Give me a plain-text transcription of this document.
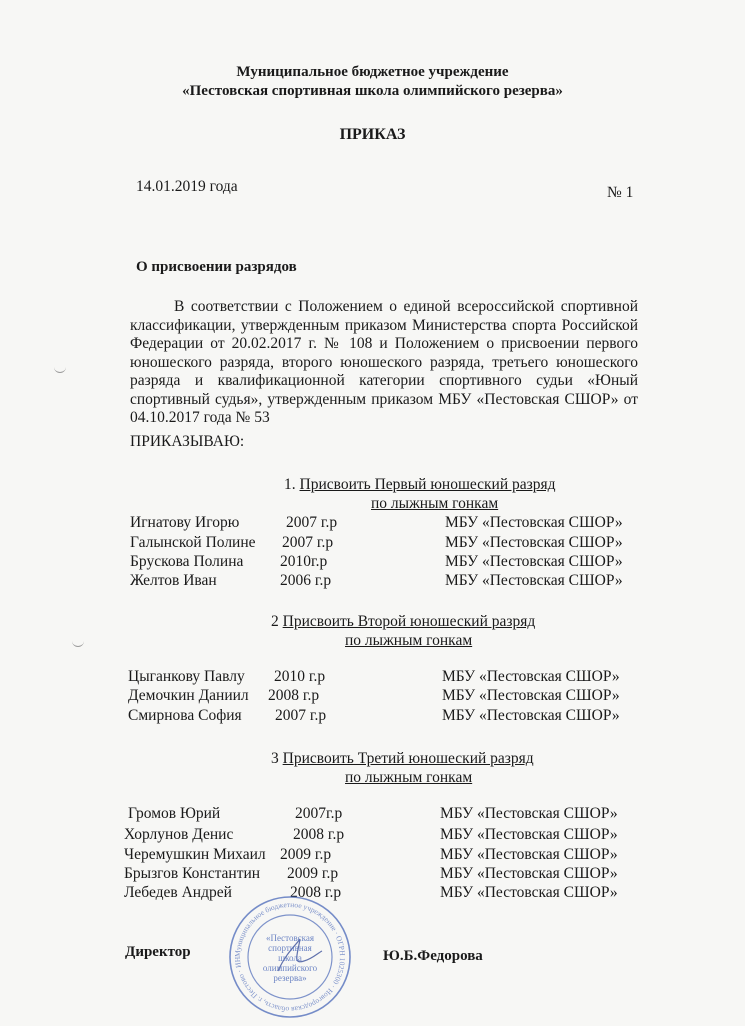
Муниципальное бюджетное учреждение
«Пестовская спортивная школа олимпийского резерва»
ПРИКАЗ
14.01.2019 года	№ 1
О присвоении разрядов
В соответствии с Положением о единой всероссийской спортивной
классификации, утвержденным приказом Министерства спорта Российской
Федерации от 20.02.2017 г. № 108 и Положением о присвоении первого
юношеского разряда, второго юношеского разряда, третьего юношеского
разряда и квалификационной категории спортивного судьи «Юный
спортивный судья», утвержденным приказом МБУ «Пестовская СШОР» от
04.10.2017 года № 53
ПРИКАЗЫВАЮ:
1. Присвоить Первый юношеский разряд
по лыжным гонкам
Игнатову Игорю	2007 г.р	МБУ «Пестовская СШОР»
Галынской Полине 2007 г.р	МБУ «Пестовская СШОР»
Брускова Полина 2010г.р	МБУ «Пестовская СШОР»
Желтов Иван	2006 г.р	МБУ «Пестовская СШОР»
2 Присвоить Второй юношеский разряд
по лыжным гонкам
Цыганкову Павлу 2010 г.р	МБУ «Пестовская СШОР»
Демочкин Даниил 2008 г.р	МБУ «Пестовская СШОР»
Смирнова София 2007 г.р	МБУ «Пестовская СШОР»
3 Присвоить Третий юношеский разряд
по лыжным гонкам
Громов Юрий	2007г.р	МБУ «Пестовская СШОР»
Хорлунов Денис	2008 г.р	МБУ «Пестовская СШОР»
Черемушкин Михаил 2009 г.р	МБУ «Пестовская СШОР»
Брызгов Константин 2009 г.р	МБУ «Пестовская СШОР»
Лебедев Андрей	2008 г.р	МБУ «Пестовская СШОР»
Директор	Ю.Б.Федорова
Муниципальное бюджетное учреждение · ОГРН 1025300 · Новгородская область, г. Пестово · ИН
«Пестовская спортивная школа олимпийского резерва»
